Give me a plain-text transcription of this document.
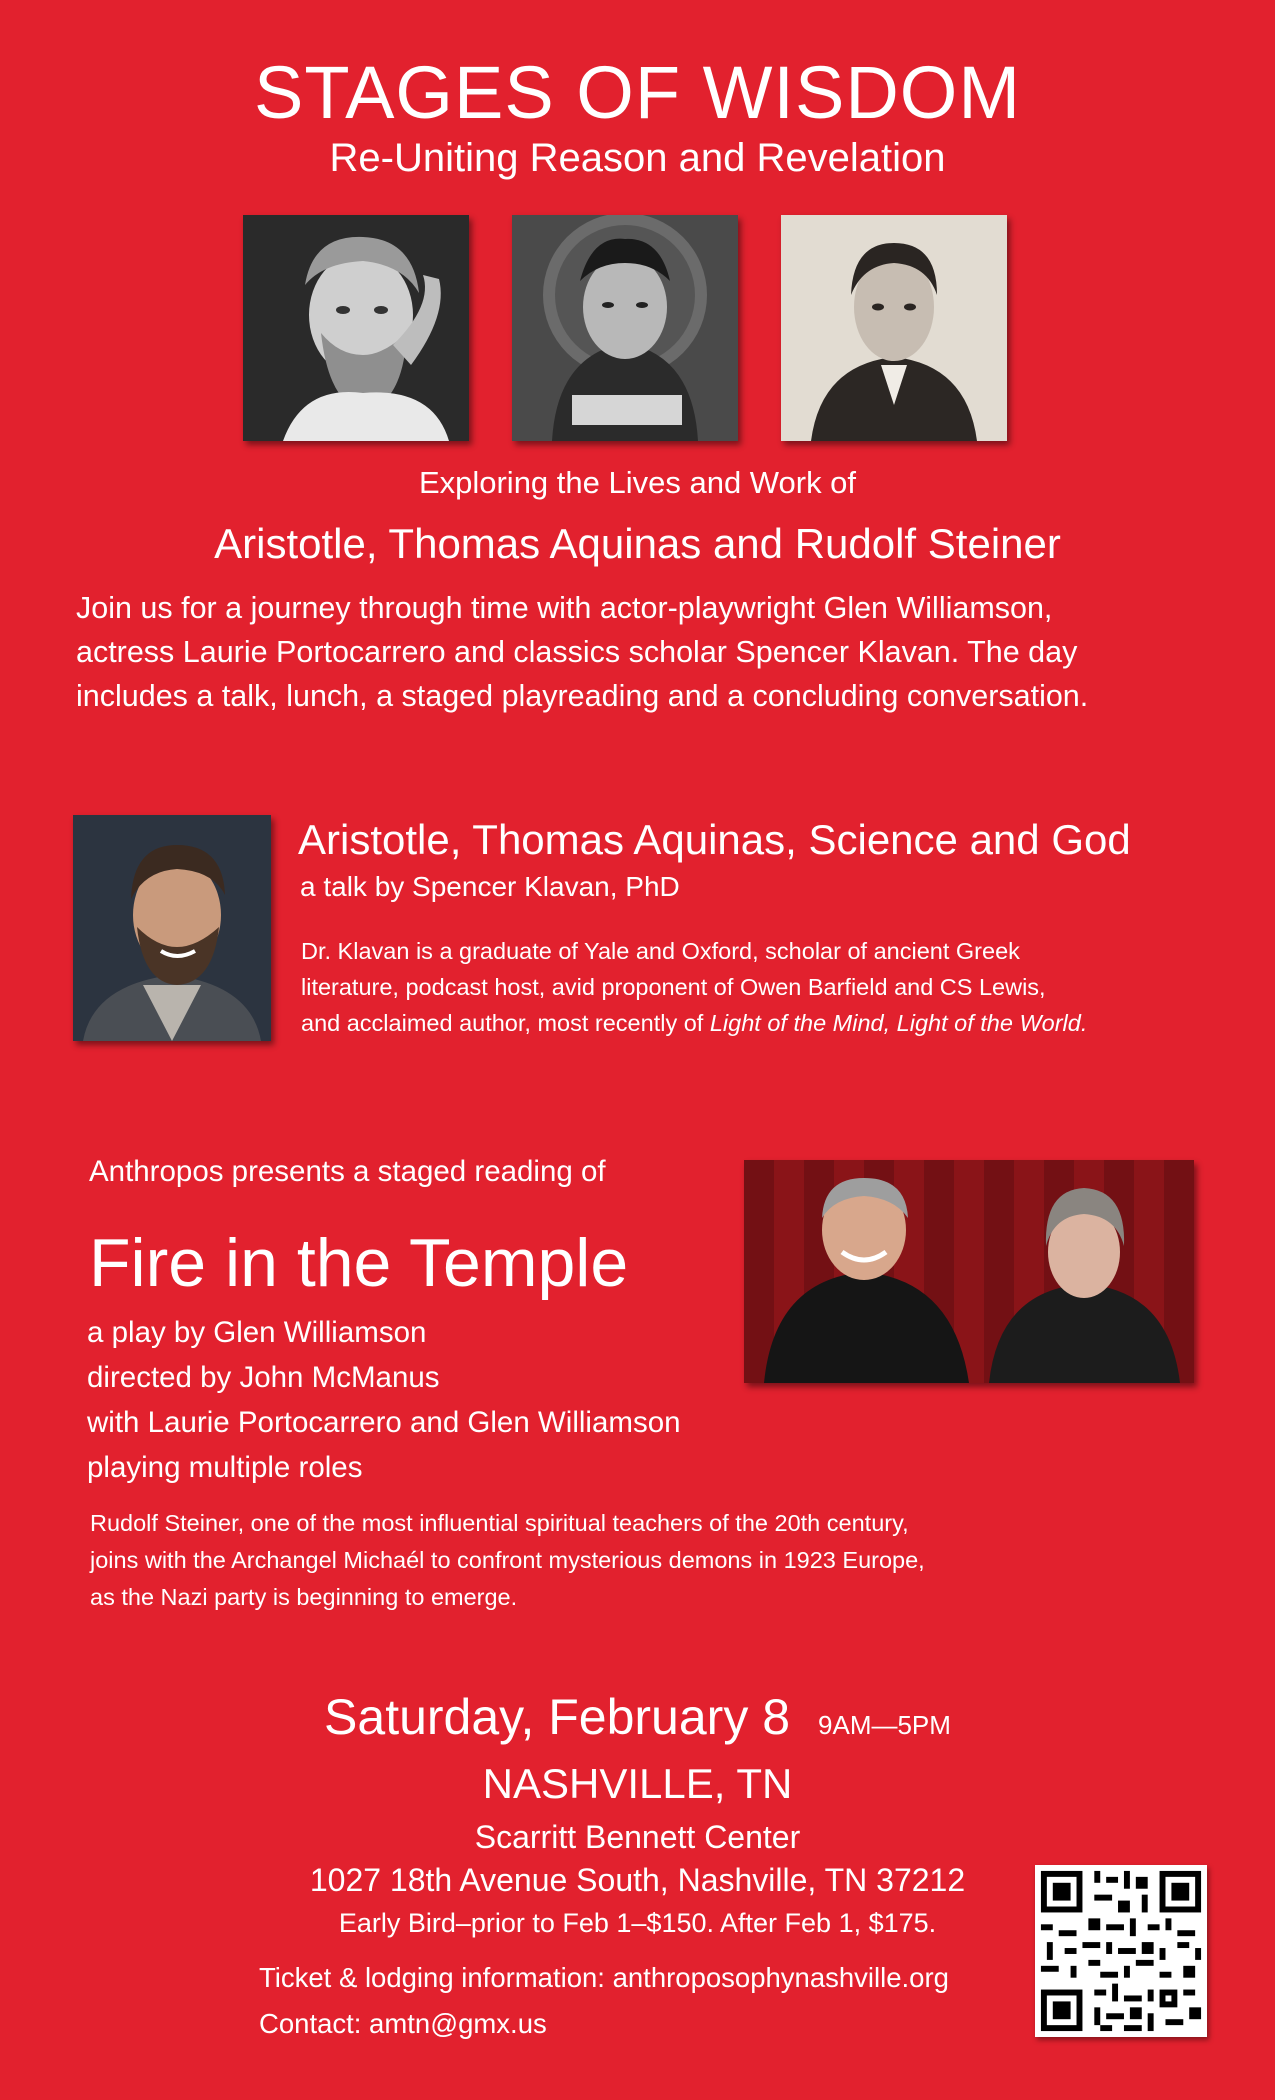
STAGES OF WISDOM
Re-Uniting Reason and Revelation
Exploring the Lives and Work of
Aristotle, Thomas Aquinas and Rudolf Steiner
Join us for a journey through time with actor-playwright Glen Williamson,
actress Laurie Portocarrero and classics scholar Spencer Klavan. The day
includes a talk, lunch, a staged playreading and a concluding conversation.
Aristotle, Thomas Aquinas, Science and God
a talk by Spencer Klavan, PhD
Dr. Klavan is a graduate of Yale and Oxford, scholar of ancient Greek
literature, podcast host, avid proponent of Owen Barfield and CS Lewis,
and acclaimed author, most recently of Light of the Mind, Light of the World.
Anthropos presents a staged reading of
Fire in the Temple
a play by Glen Williamson
directed by John McManus
with Laurie Portocarrero and Glen Williamson
playing multiple roles
Rudolf Steiner, one of the most influential spiritual teachers of the 20th century,
joins with the Archangel Michaél to confront mysterious demons in 1923 Europe,
as the Nazi party is beginning to emerge.
Saturday, February 8 9AM—5PM
NASHVILLE, TN
Scarritt Bennett Center
1027 18th Avenue South, Nashville, TN 37212
Early Bird–prior to Feb 1–$150. After Feb 1, $175.
Ticket & lodging information: anthroposophynashville.org
Contact: amtn@gmx.us
